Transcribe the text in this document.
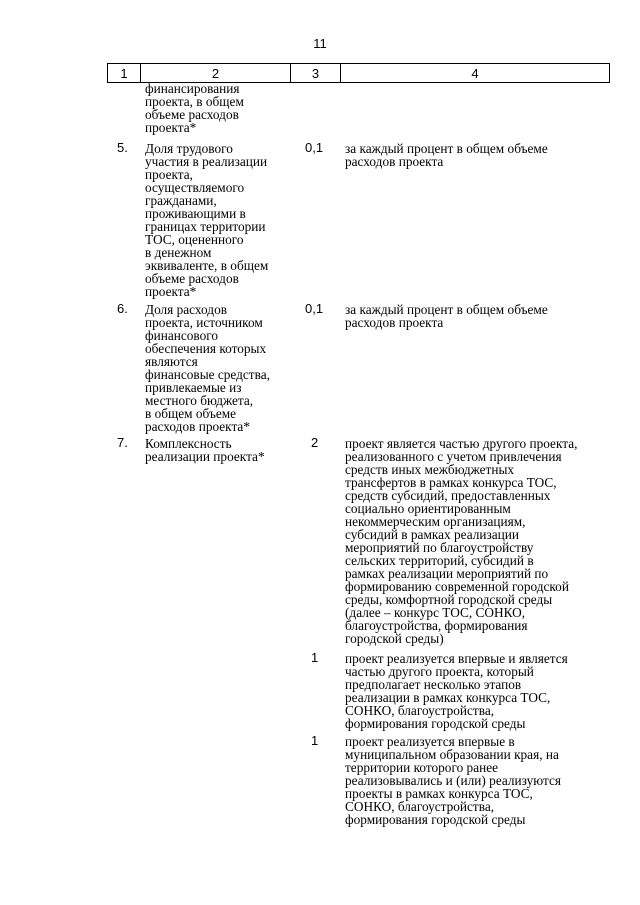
11
1	2	3	4
финансирования
проекта, в общем
объеме расходов
проекта*
5. Доля трудового
участия в реализации
проекта,
осуществляемого
гражданами,
проживающими в
границах территории
ТОС, оцененного
в денежном
эквиваленте, в общем
объеме расходов
проекта*
0,1 за каждый процент в общем объеме
расходов проекта
6. Доля расходов
проекта, источником
финансового
обеспечения которых
являются
финансовые средства,
привлекаемые из
местного бюджета,
в общем объеме
расходов проекта*
0,1 за каждый процент в общем объеме
расходов проекта
7. Комплексность
реализации проекта*
2 проект является частью другого проекта,
реализованного с учетом привлечения
средств иных межбюджетных
трансфертов в рамках конкурса ТОС,
средств субсидий, предоставленных
социально ориентированным
некоммерческим организациям,
субсидий в рамках реализации
мероприятий по благоустройству
сельских территорий, субсидий в
рамках реализации мероприятий по
формированию современной городской
среды, комфортной городской среды
(далее – конкурс ТОС, СОНКО,
благоустройства, формирования
городской среды)
1 проект реализуется впервые и является
частью другого проекта, который
предполагает несколько этапов
реализации в рамках конкурса ТОС,
СОНКО, благоустройства,
формирования городской среды
1 проект реализуется впервые в
муниципальном образовании края, на
территории которого ранее
реализовывались и (или) реализуются
проекты в рамках конкурса ТОС,
СОНКО, благоустройства,
формирования городской среды
